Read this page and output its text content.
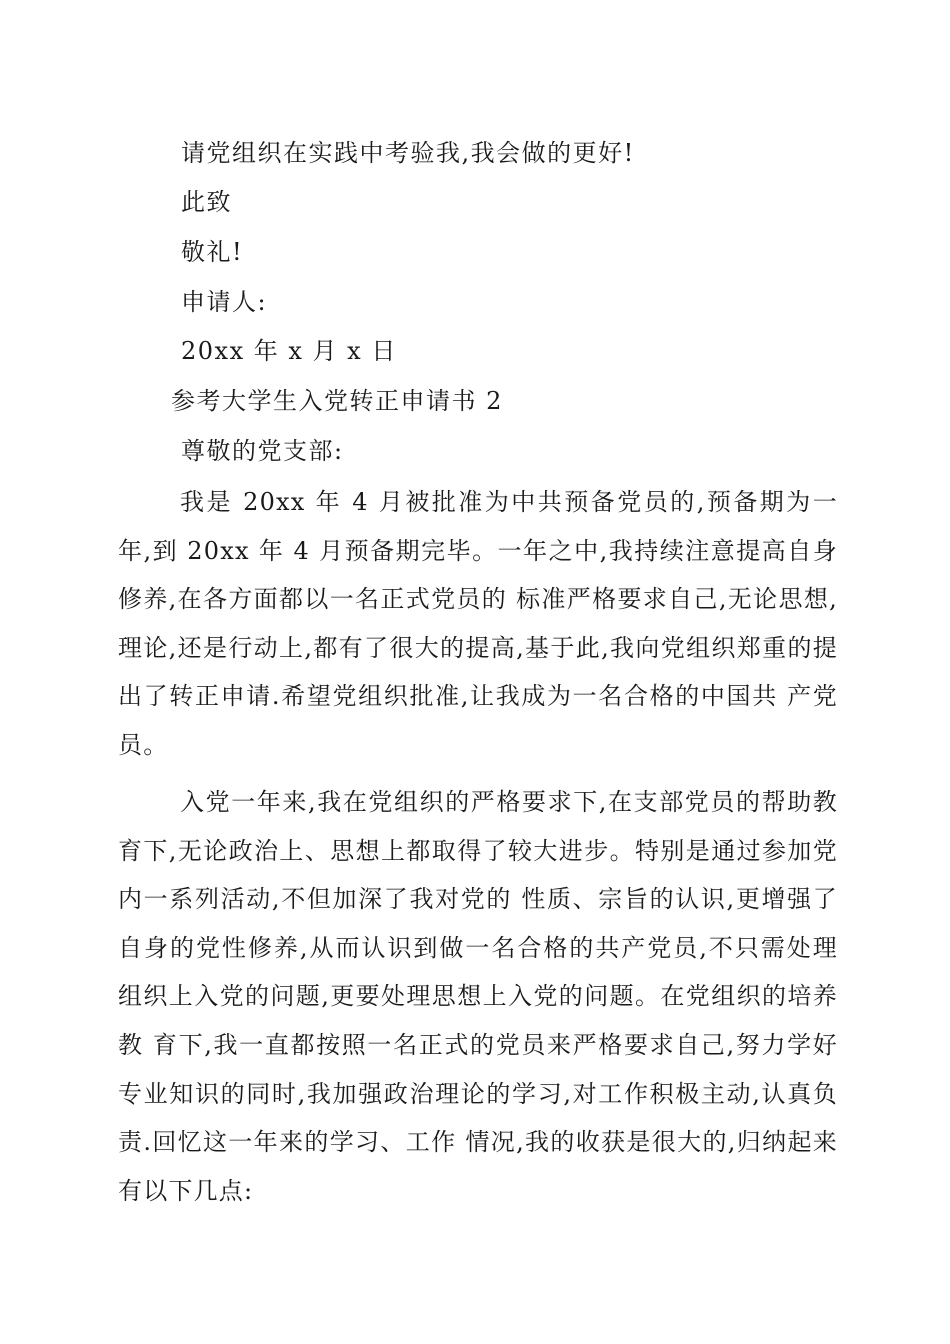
请党组织在实践中考验我,我会做的更好!
此致
敬礼!
申请人:
20xx 年 x 月 x 日
参考大学生入党转正申请书 2
尊敬的党支部:

我是 20xx 年 4 月被批准为中共预备党员的,预备期为一年,到 20xx 年 4 月预备期完毕。一年之中,我持续注意提高自身修养,在各方面都以一名正式党员的 标准严格要求自己,无论思想,理论,还是行动上,都有了很大的提高,基于此,我向党组织郑重的提出了转正申请.希望党组织批准,让我成为一名合格的中国共 产党员。

入党一年来,我在党组织的严格要求下,在支部党员的帮助教育下,无论政治上、思想上都取得了较大进步。特别是通过参加党内一系列活动,不但加深了我对党的 性质、宗旨的认识,更增强了自身的党性修养,从而认识到做一名合格的共产党员,不只需处理组织上入党的问题,更要处理思想上入党的问题。在党组织的培养教 育下,我一直都按照一名正式的党员来严格要求自己,努力学好专业知识的同时,我加强政治理论的学习,对工作积极主动,认真负责.回忆这一年来的学习、工作 情况,我的收获是很大的,归纳起来有以下几点:
